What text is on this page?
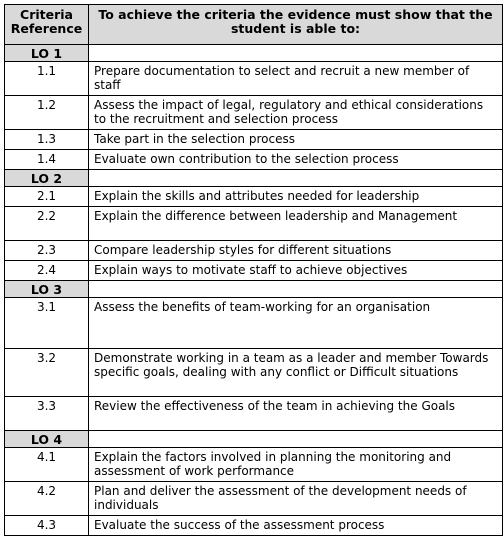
Criteria Reference	To achieve the criteria the evidence must show that the student is able to:
LO 1	
1.1	Prepare documentation to select and recruit a new member of staff
1.2	Assess the impact of legal, regulatory and ethical considerations to the recruitment and selection process
1.3	Take part in the selection process
1.4	Evaluate own contribution to the selection process
LO 2	
2.1	Explain the skills and attributes needed for leadership
2.2	Explain the difference between leadership and Management
2.3	Compare leadership styles for different situations
2.4	Explain ways to motivate staff to achieve objectives
LO 3	
3.1	Assess the benefits of team-working for an organisation
3.2	Demonstrate working in a team as a leader and member Towards specific goals, dealing with any conflict or Difficult situations
3.3	Review the effectiveness of the team in achieving the Goals
LO 4	
4.1	Explain the factors involved in planning the monitoring and assessment of work performance
4.2	Plan and deliver the assessment of the development needs of individuals
4.3	Evaluate the success of the assessment process
